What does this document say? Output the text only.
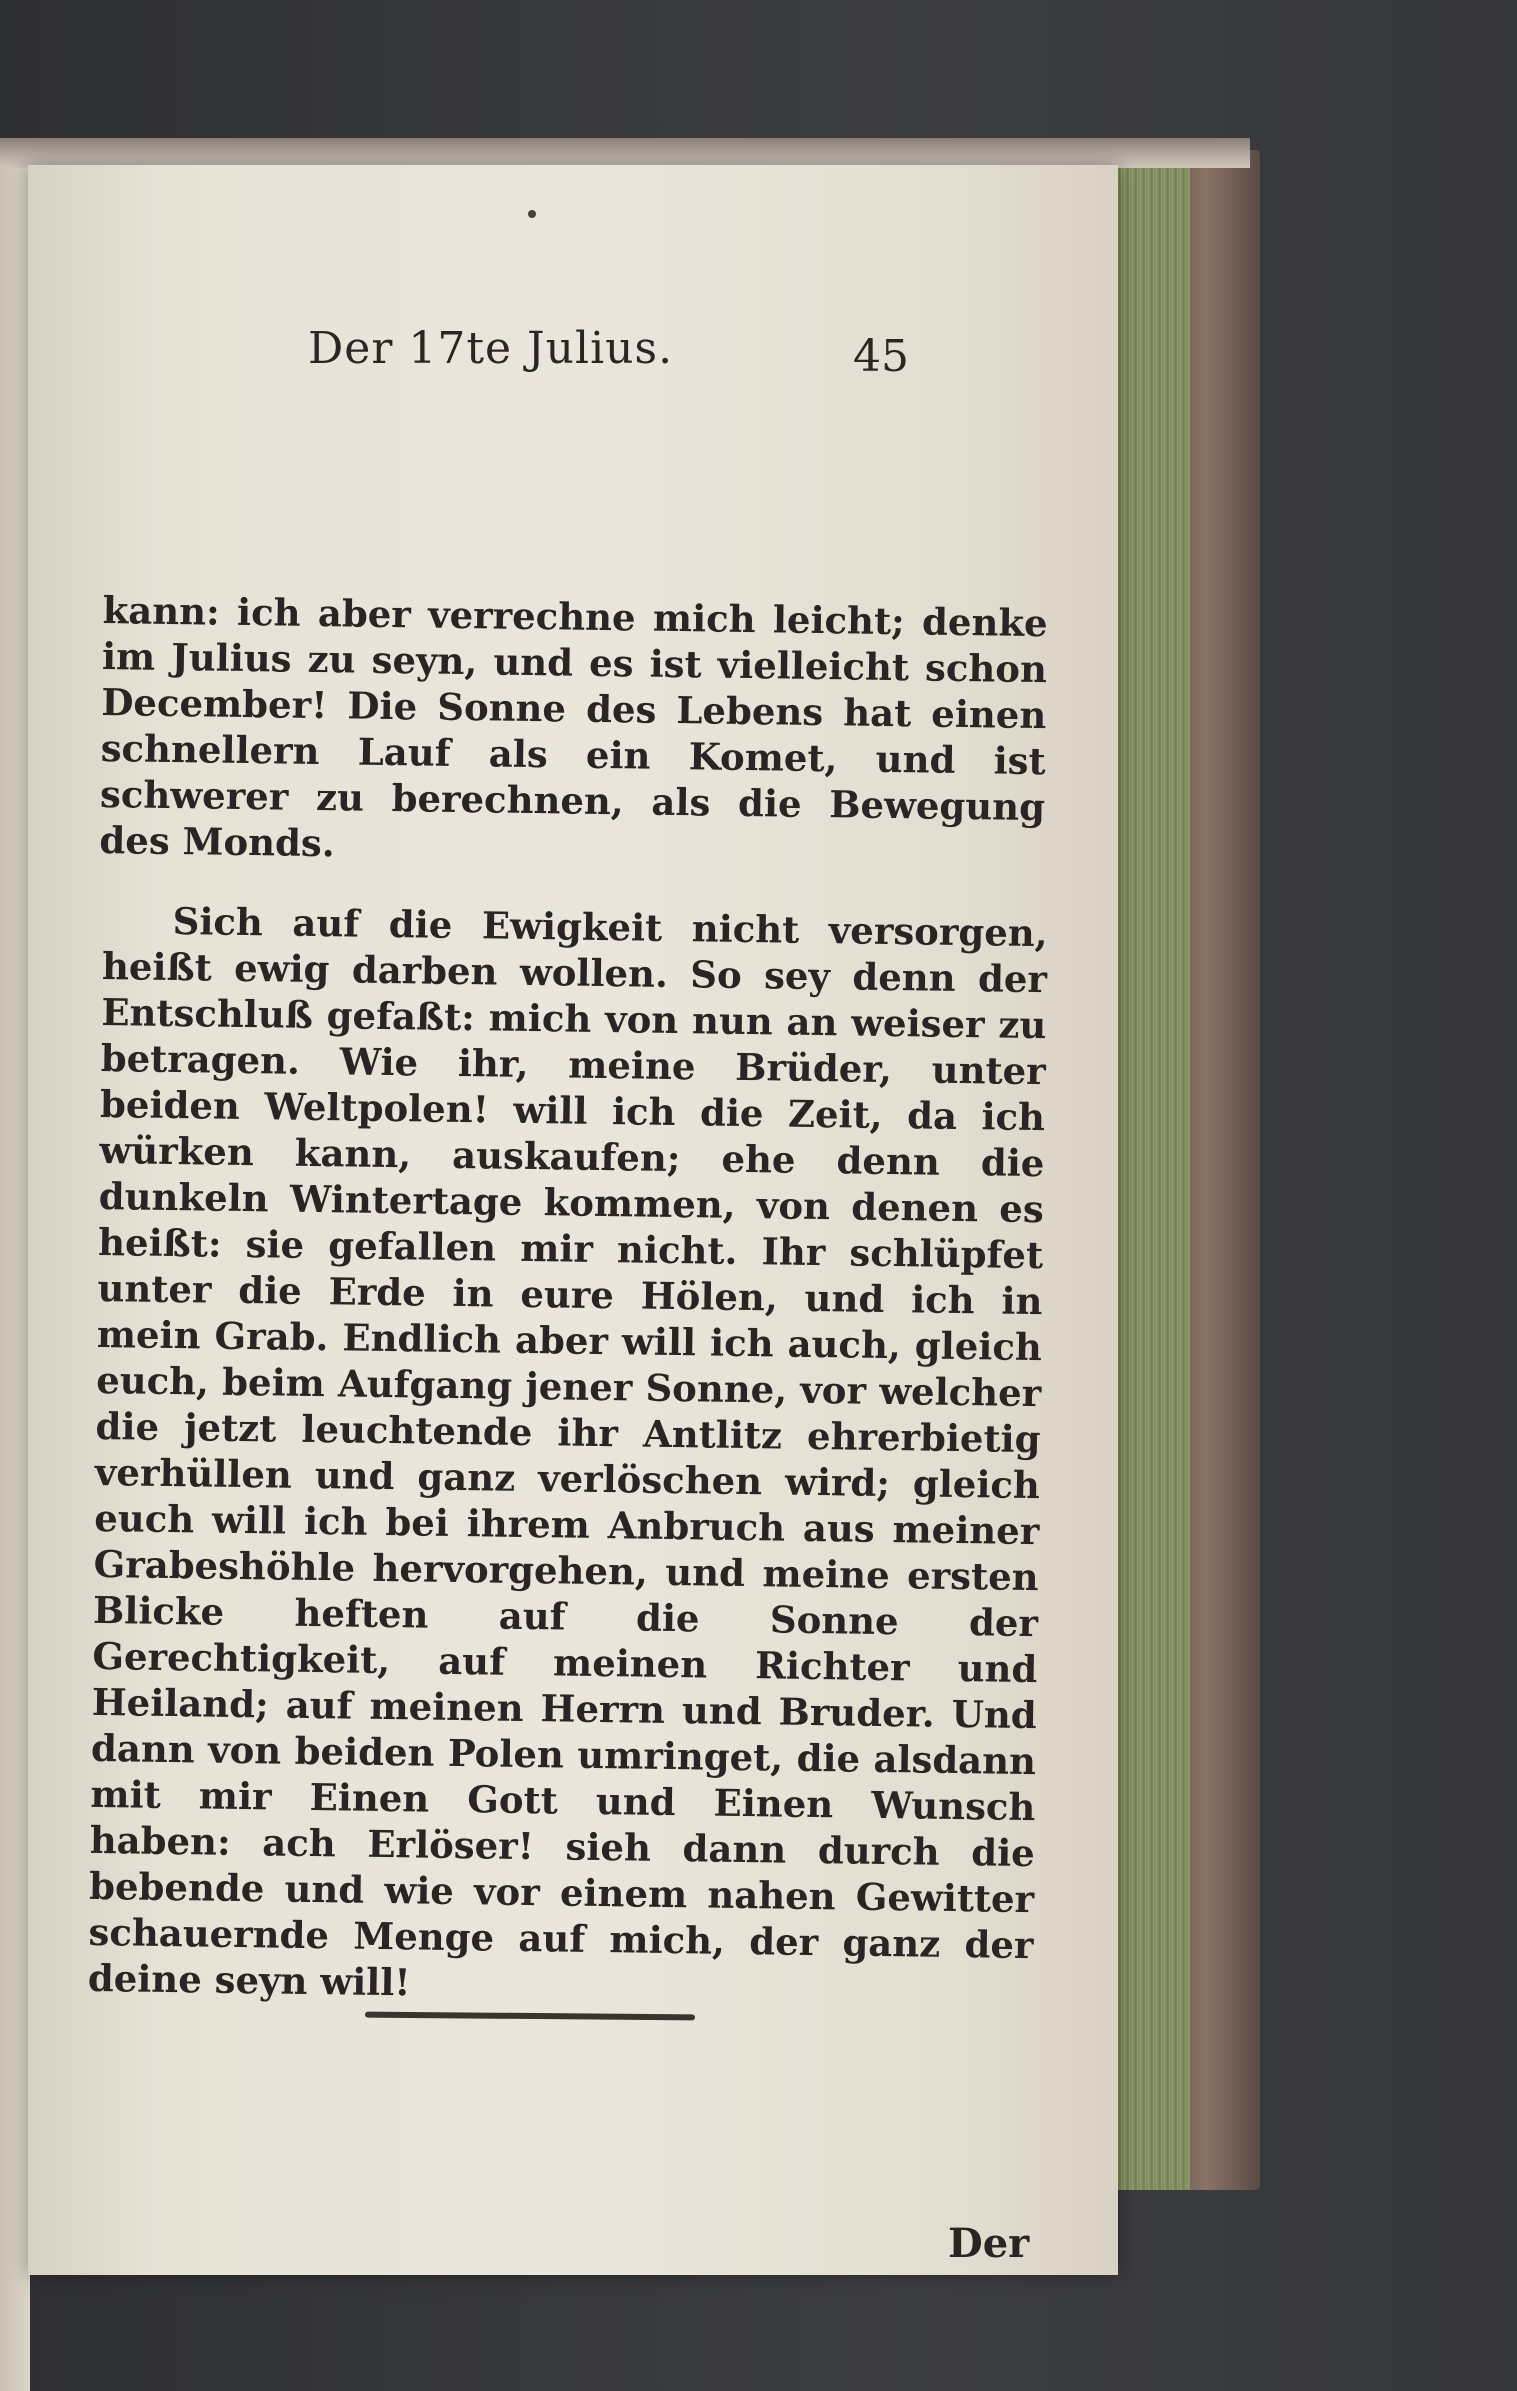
Der 17te Julius.	45

kann: ich aber verrechne mich leicht; denke im Julius zu seyn, und es ist vielleicht schon December! Die Sonne des Lebens hat einen schnellern Lauf als ein Komet, und ist schwerer zu berechnen, als die Bewegung des Monds.

Sich auf die Ewigkeit nicht versorgen, heißt ewig darben wollen. So sey denn der Entschluß gefaßt: mich von nun an weiser zu betragen. Wie ihr, meine Brüder, unter beiden Weltpolen! will ich die Zeit, da ich würken kann, auskaufen; ehe denn die dunkeln Wintertage kommen, von denen es heißt: sie gefallen mir nicht. Ihr schlüpfet unter die Erde in eure Hölen, und ich in mein Grab. Endlich aber will ich auch, gleich euch, beim Aufgang jener Sonne, vor welcher die jetzt leuchtende ihr Antlitz ehrerbietig verhüllen und ganz verlöschen wird; gleich euch will ich bei ihrem Anbruch aus meiner Grabeshöhle hervorgehen, und meine ersten Blicke heften auf die Sonne der Gerechtigkeit, auf meinen Richter und Heiland; auf meinen Herrn und Bruder. Und dann von beiden Polen umringet, die alsdann mit mir Einen Gott und Einen Wunsch haben: ach Erlöser! sieh dann durch die bebende und wie vor einem nahen Gewitter schauernde Menge auf mich, der ganz der deine seyn will!

Der
